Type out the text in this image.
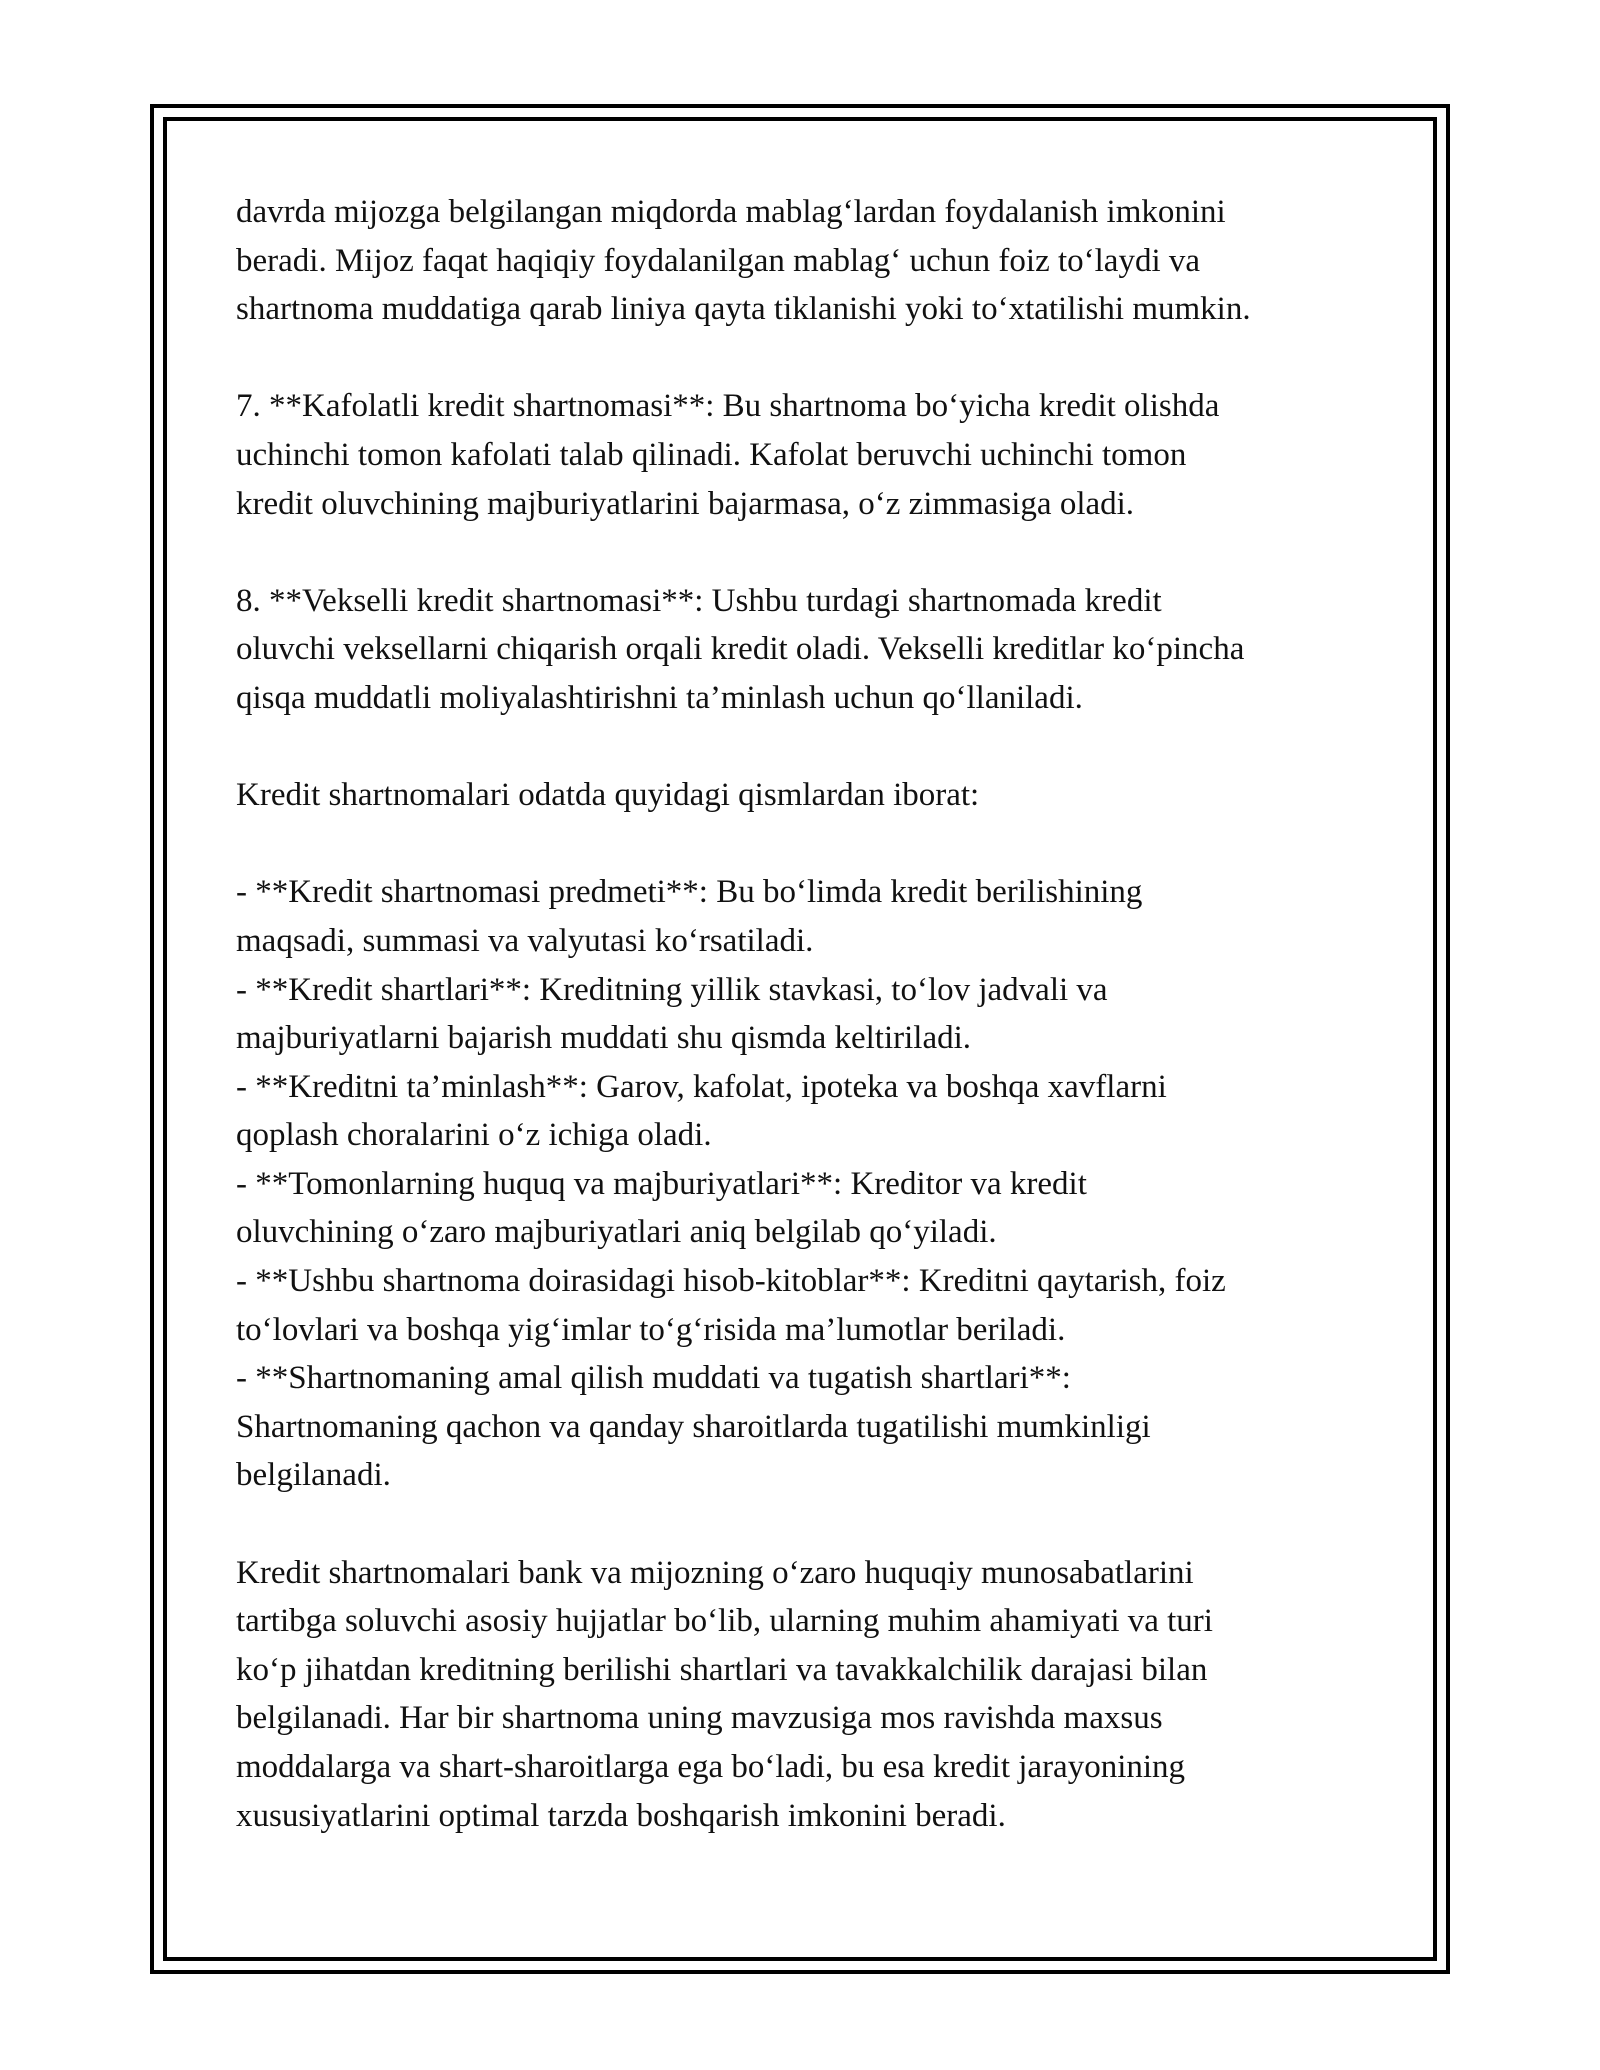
davrda mijozga belgilangan miqdorda mablag‘lardan foydalanish imkonini

beradi. Mijoz faqat haqiqiy foydalanilgan mablag‘ uchun foiz to‘laydi va

shartnoma muddatiga qarab liniya qayta tiklanishi yoki to‘xtatilishi mumkin.

7. **Kafolatli kredit shartnomasi**: Bu shartnoma bo‘yicha kredit olishda

uchinchi tomon kafolati talab qilinadi. Kafolat beruvchi uchinchi tomon

kredit oluvchining majburiyatlarini bajarmasa, o‘z zimmasiga oladi.

8. **Vekselli kredit shartnomasi**: Ushbu turdagi shartnomada kredit

oluvchi veksellarni chiqarish orqali kredit oladi. Vekselli kreditlar ko‘pincha

qisqa muddatli moliyalashtirishni ta’minlash uchun qo‘llaniladi.

Kredit shartnomalari odatda quyidagi qismlardan iborat:

- **Kredit shartnomasi predmeti**: Bu bo‘limda kredit berilishining

maqsadi, summasi va valyutasi ko‘rsatiladi.

- **Kredit shartlari**: Kreditning yillik stavkasi, to‘lov jadvali va

majburiyatlarni bajarish muddati shu qismda keltiriladi.

- **Kreditni ta’minlash**: Garov, kafolat, ipoteka va boshqa xavflarni

qoplash choralarini o‘z ichiga oladi.

- **Tomonlarning huquq va majburiyatlari**: Kreditor va kredit

oluvchining o‘zaro majburiyatlari aniq belgilab qo‘yiladi.

- **Ushbu shartnoma doirasidagi hisob-kitoblar**: Kreditni qaytarish, foiz

to‘lovlari va boshqa yig‘imlar to‘g‘risida ma’lumotlar beriladi.

- **Shartnomaning amal qilish muddati va tugatish shartlari**:

Shartnomaning qachon va qanday sharoitlarda tugatilishi mumkinligi

belgilanadi.

Kredit shartnomalari bank va mijozning o‘zaro huquqiy munosabatlarini

tartibga soluvchi asosiy hujjatlar bo‘lib, ularning muhim ahamiyati va turi

ko‘p jihatdan kreditning berilishi shartlari va tavakkalchilik darajasi bilan

belgilanadi. Har bir shartnoma uning mavzusiga mos ravishda maxsus

moddalarga va shart-sharoitlarga ega bo‘ladi, bu esa kredit jarayonining

xususiyatlarini optimal tarzda boshqarish imkonini beradi.
